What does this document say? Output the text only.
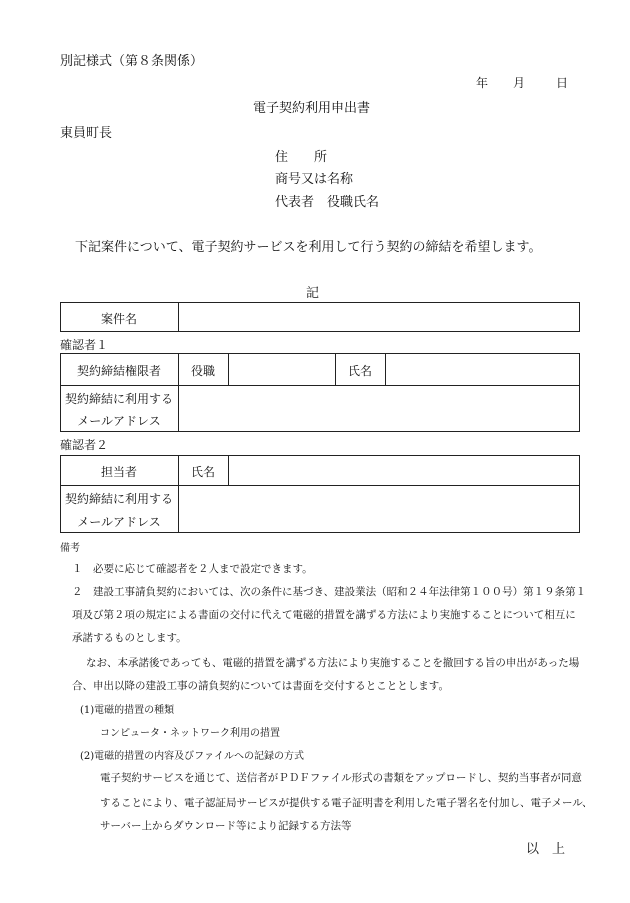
別記様式（第８条関係）
年 月	日
電子契約利用申出書
東員町長
住　　所
商号又は名称
代表者　役職氏名
下記案件について、電子契約サービスを利用して行う契約の締結を希望します。
記
案件名
確認者１
契約締結権限者	役職	氏名
契約締結に利用する
メールアドレス
確認者２
担当者	氏名
契約締結に利用する
メールアドレス
備考
１　必要に応じて確認者を２人まで設定できます。
２　建設工事請負契約においては、次の条件に基づき、建設業法（昭和２４年法律第１００号）第１９条第１
項及び第２項の規定による書面の交付に代えて電磁的措置を講ずる方法により実施することについて相互に
承諾するものとします。
なお、本承諾後であっても、電磁的措置を講ずる方法により実施することを撤回する旨の申出があった場
合、申出以降の建設工事の請負契約については書面を交付するとこととします。
(1)電磁的措置の種類
コンピュータ・ネットワーク利用の措置
(2)電磁的措置の内容及びファイルへの記録の方式
電子契約サービスを通じて、送信者がＰＤＦファイル形式の書類をアップロードし、契約当事者が同意
することにより、電子認証局サービスが提供する電子証明書を利用した電子署名を付加し、電子メール、
サーバー上からダウンロード等により記録する方法等
以　上
